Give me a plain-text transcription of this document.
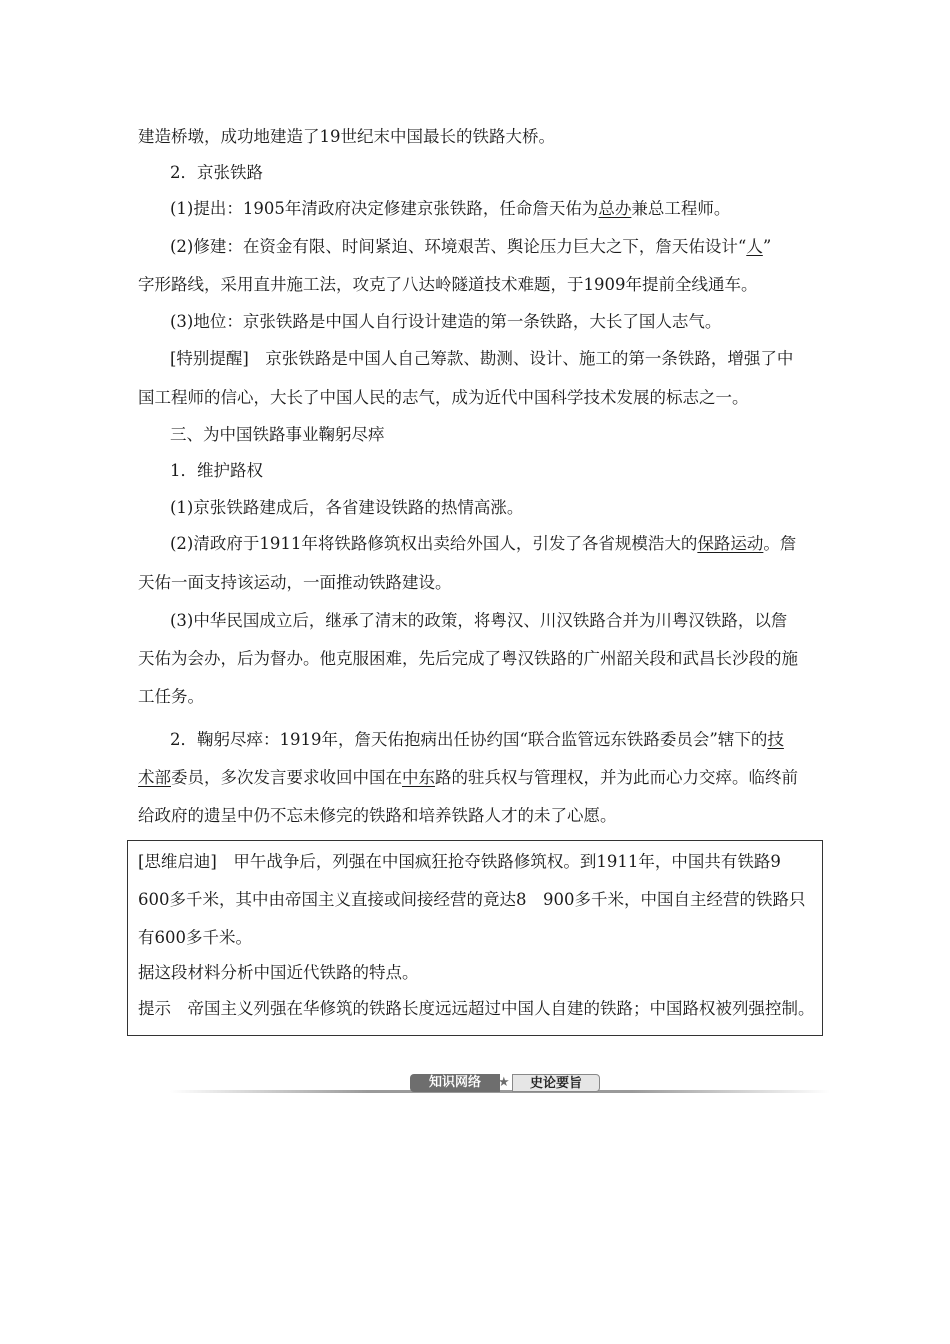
建造桥墩，成功地建造了19世纪末中国最长的铁路大桥。
2．京张铁路
(1)提出：1905年清政府决定修建京张铁路，任命詹天佑为总办兼总工程师。
(2)修建：在资金有限、时间紧迫、环境艰苦、舆论压力巨大之下，詹天佑设计“人”
字形路线，采用直井施工法，攻克了八达岭隧道技术难题，于1909年提前全线通车。
(3)地位：京张铁路是中国人自行设计建造的第一条铁路，大长了国人志气。
[特别提醒]　京张铁路是中国人自己筹款、勘测、设计、施工的第一条铁路，增强了中
国工程师的信心，大长了中国人民的志气，成为近代中国科学技术发展的标志之一。
三、为中国铁路事业鞠躬尽瘁
1．维护路权
(1)京张铁路建成后，各省建设铁路的热情高涨。
(2)清政府于1911年将铁路修筑权出卖给外国人，引发了各省规模浩大的保路运动。詹
天佑一面支持该运动，一面推动铁路建设。
(3)中华民国成立后，继承了清末的政策，将粤汉、川汉铁路合并为川粤汉铁路，以詹
天佑为会办，后为督办。他克服困难，先后完成了粤汉铁路的广州韶关段和武昌长沙段的施
工任务。
2．鞠躬尽瘁：1919年，詹天佑抱病出任协约国“联合监管远东铁路委员会”辖下的技
术部委员，多次发言要求收回中国在中东路的驻兵权与管理权，并为此而心力交瘁。临终前
给政府的遗呈中仍不忘未修完的铁路和培养铁路人才的未了心愿。
[思维启迪]　甲午战争后，列强在中国疯狂抢夺铁路修筑权。到1911年，中国共有铁路9
600多千米，其中由帝国主义直接或间接经营的竟达8　900多千米，中国自主经营的铁路只
有600多千米。
据这段材料分析中国近代铁路的特点。
提示　帝国主义列强在华修筑的铁路长度远远超过中国人自建的铁路；中国路权被列强控制。
知识网络	★	史论要旨
